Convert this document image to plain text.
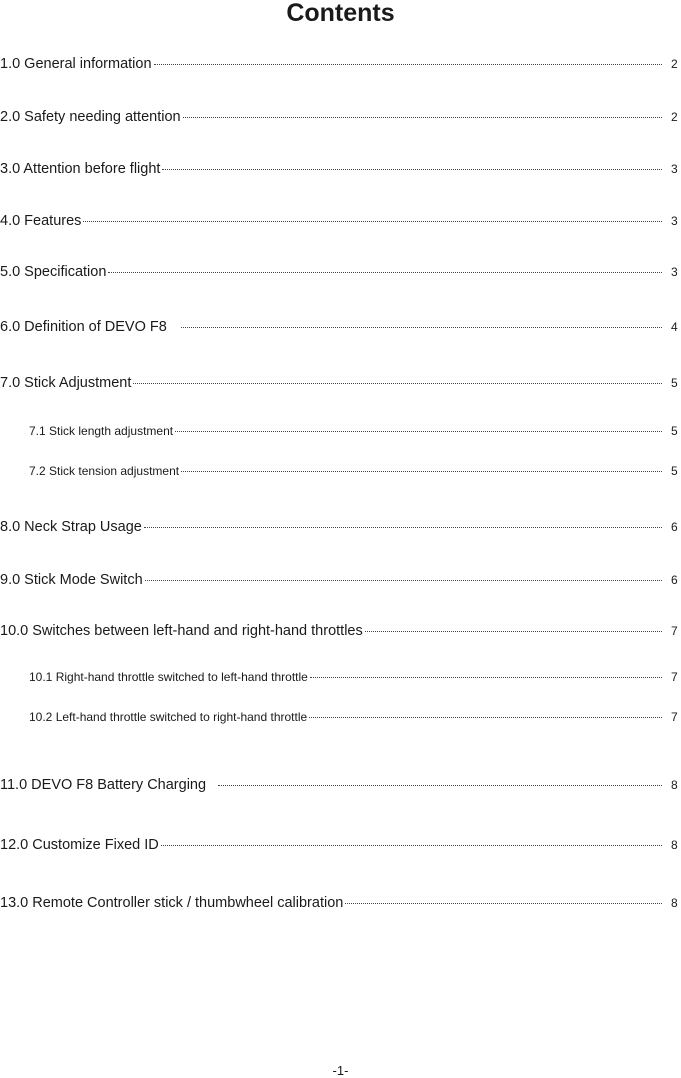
Contents
1.0 General information	2
2.0 Safety needing attention	2
3.0 Attention before flight	3
4.0 Features	3
5.0 Specification	3
6.0 Definition of DEVO F8	4
7.0 Stick Adjustment	5
7.1 Stick length adjustment	5
7.2 Stick tension adjustment	5
8.0 Neck Strap Usage	6
9.0 Stick Mode Switch	6
10.0 Switches between left-hand and right-hand throttles	7
10.1 Right-hand throttle switched to left-hand throttle	7
10.2 Left-hand throttle switched to right-hand throttle	7
11.0 DEVO F8 Battery Charging	8
12.0 Customize Fixed ID	8
13.0 Remote Controller stick / thumbwheel calibration	8
-1-
